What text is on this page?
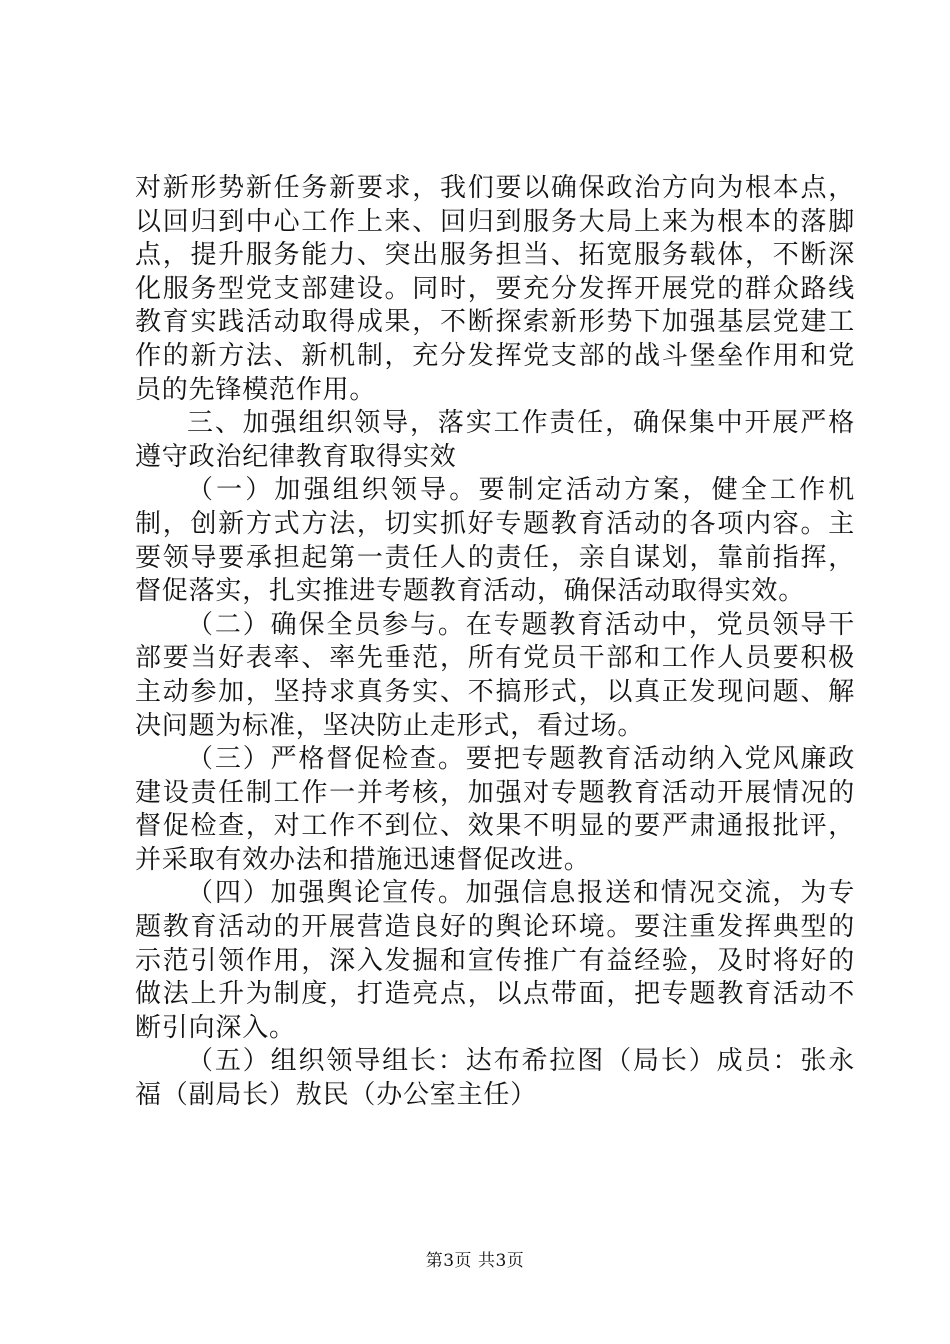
对新形势新任务新要求，我们要以确保政治方向为根本点，以回归到中心工作上来、回归到服务大局上来为根本的落脚点，提升服务能力、突出服务担当、拓宽服务载体，不断深化服务型党支部建设。同时，要充分发挥开展党的群众路线教育实践活动取得成果，不断探索新形势下加强基层党建工作的新方法、新机制，充分发挥党支部的战斗堡垒作用和党员的先锋模范作用。

三、加强组织领导，落实工作责任，确保集中开展严格遵守政治纪律教育取得实效

（一）加强组织领导。要制定活动方案，健全工作机制，创新方式方法，切实抓好专题教育活动的各项内容。主要领导要承担起第一责任人的责任，亲自谋划，靠前指挥，督促落实，扎实推进专题教育活动，确保活动取得实效。

（二）确保全员参与。在专题教育活动中，党员领导干部要当好表率、率先垂范，所有党员干部和工作人员要积极主动参加，坚持求真务实、不搞形式，以真正发现问题、解决问题为标准，坚决防止走形式，看过场。

（三）严格督促检查。要把专题教育活动纳入党风廉政建设责任制工作一并考核，加强对专题教育活动开展情况的督促检查，对工作不到位、效果不明显的要严肃通报批评，并采取有效办法和措施迅速督促改进。

（四）加强舆论宣传。加强信息报送和情况交流，为专题教育活动的开展营造良好的舆论环境。要注重发挥典型的示范引领作用，深入发掘和宣传推广有益经验，及时将好的做法上升为制度，打造亮点，以点带面，把专题教育活动不断引向深入。

（五）组织领导组长：达布希拉图（局长）成员：张永福（副局长）敖民（办公室主任）

第3页 共3页
